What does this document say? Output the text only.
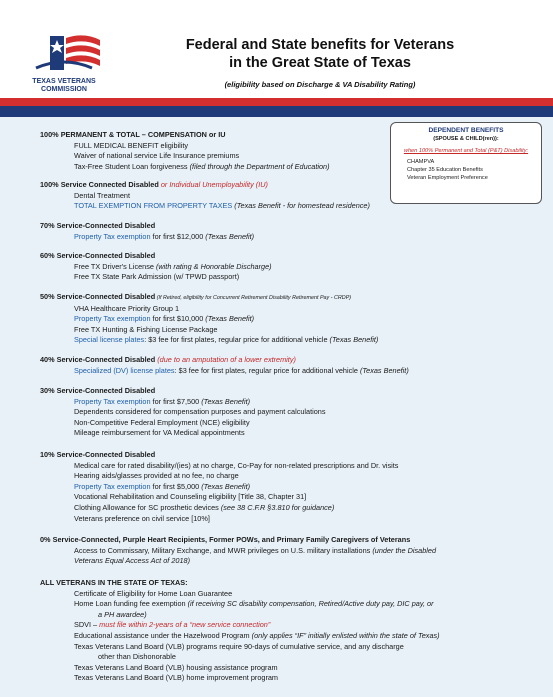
TEXAS VETERANS COMMISSION
Federal and State benefits for Veterans
in the Great State of Texas
(eligibility based on Discharge & VA Disability Rating)
DEPENDENT BENEFITS
(SPOUSE & CHILD(ren)):
when 100% Permanent and Total (P&T) Disability:
CHAMPVA
Chapter 35 Education Benefits
Veteran Employment Preference
100% PERMANENT & TOTAL – COMPENSATION or IU
FULL MEDICAL BENEFIT eligibility
Waiver of national service Life Insurance premiums
Tax-Free Student Loan forgiveness (filed through the Department of Education)
100% Service Connected Disabled or Individual Unemployability (IU)
Dental Treatment
TOTAL EXEMPTION FROM PROPERTY TAXES (Texas Benefit - for homestead residence)
70% Service-Connected Disabled
Property Tax exemption for first $12,000 (Texas Benefit)
60% Service-Connected Disabled
Free TX Driver's License (with rating & Honorable Discharge)
Free TX State Park Admission (w/ TPWD passport)
50% Service-Connected Disabled (If Retired, eligibility for Concurrent Retirement Disability Retirement Pay - CRDP)
VHA Healthcare Priority Group 1
Property Tax exemption for first $10,000 (Texas Benefit)
Free TX Hunting & Fishing License Package
Special license plates: $3 fee for first plates, regular price for additional vehicle (Texas Benefit)
40% Service-Connected Disabled (due to an amputation of a lower extremity)
Specialized (DV) license plates: $3 fee for first plates, regular price for additional vehicle (Texas Benefit)
30% Service-Connected Disabled
Property Tax exemption for first $7,500 (Texas Benefit)
Dependents considered for compensation purposes and payment calculations
Non-Competitive Federal Employment (NCE) eligibility
Mileage reimbursement for VA Medical appointments
10% Service-Connected Disabled
Medical care for rated disability/(ies) at no charge, Co-Pay for non-related prescriptions and Dr. visits
Hearing aids/glasses provided at no fee, no charge
Property Tax exemption for first $5,000 (Texas Benefit)
Vocational Rehabilitation and Counseling eligibility [Title 38, Chapter 31]
Clothing Allowance for SC prosthetic devices (see 38 C.F.R §3.810 for guidance)
Veterans preference on civil service [10%]
0% Service-Connected, Purple Heart Recipients, Former POWs, and Primary Family Caregivers of Veterans
Access to Commissary, Military Exchange, and MWR privileges on U.S. military installations (under the Disabled
Veterans Equal Access Act of 2018)
ALL VETERANS IN THE STATE OF TEXAS:
Certificate of Eligibility for Home Loan Guarantee
Home Loan funding fee exemption (if receiving SC disability compensation, Retired/Active duty pay, DIC pay, or
a PH awardee)
SDVI – must file within 2-years of a “new service connection”
Educational assistance under the Hazelwood Program (only applies “IF” initially enlisted within the state of Texas)
Texas Veterans Land Board (VLB) programs require 90-days of cumulative service, and any discharge
other than Dishonorable
Texas Veterans Land Board (VLB) housing assistance program
Texas Veterans Land Board (VLB) home improvement program
